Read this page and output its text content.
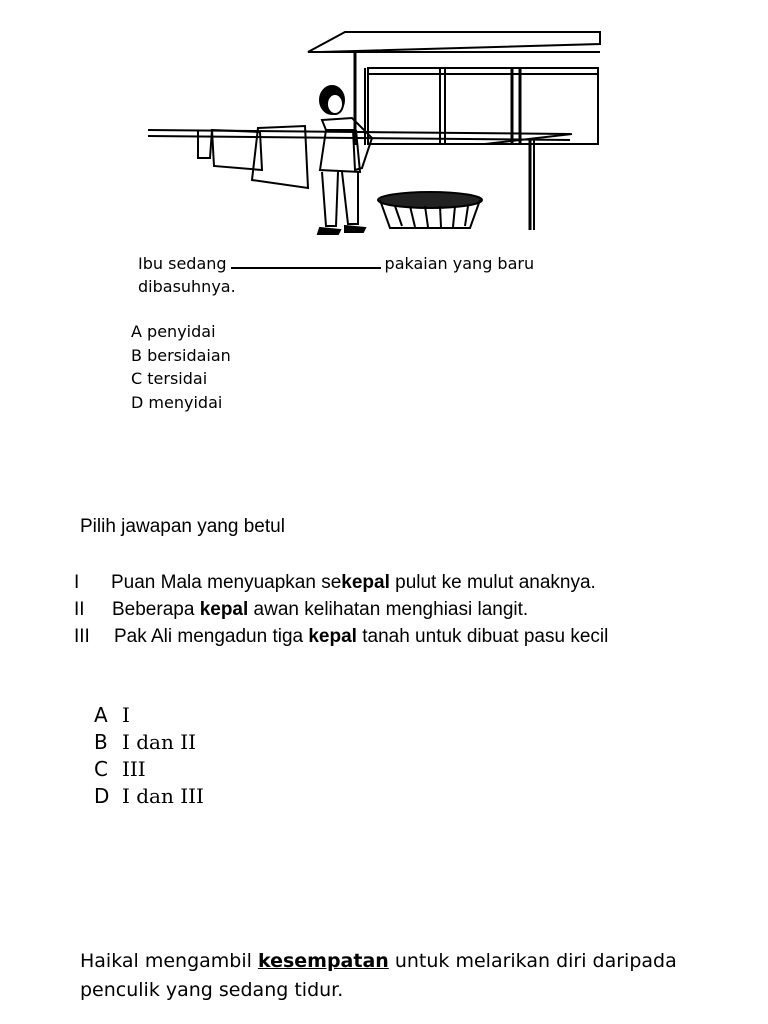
Ibu sedang	pakaian yang baru
dibasuhnya.
A penyidai
B bersidaian
C tersidai
D menyidai
Pilih jawapan yang betul
I Puan Mala menyuapkan sekepal pulut ke mulut anaknya.
II Beberapa kepal awan kelihatan menghiasi langit.
III Pak Ali mengadun tiga kepal tanah untuk dibuat pasu kecil
A I
B I dan II
C III
D I dan III
Haikal mengambil kesempatan untuk melarikan diri daripada penculik yang sedang tidur.
